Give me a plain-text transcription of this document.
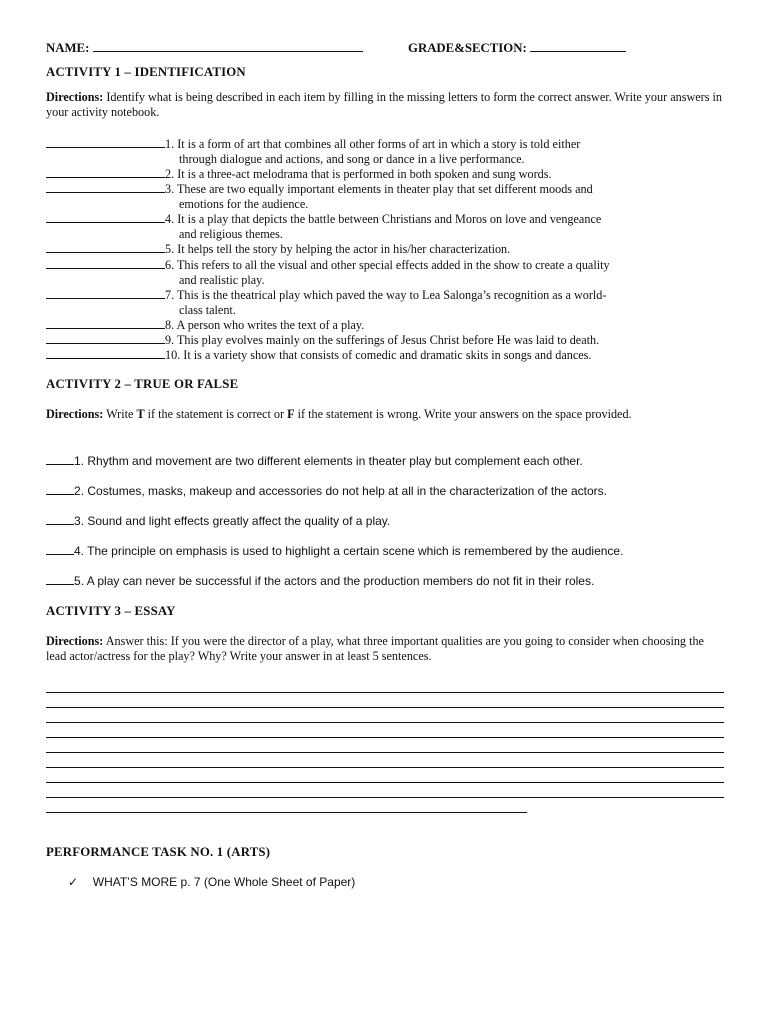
NAME:	GRADE&SECTION:
ACTIVITY 1 – IDENTIFICATION
Directions: Identify what is being described in each item by filling in the missing letters to form the correct answer. Write your answers in your activity notebook.
1. It is a form of art that combines all other forms of art in which a story is told either
through dialogue and actions, and song or dance in a live performance.
2. It is a three-act melodrama that is performed in both spoken and sung words.
3. These are two equally important elements in theater play that set different moods and
emotions for the audience.
4. It is a play that depicts the battle between Christians and Moros on love and vengeance
and religious themes.
5. It helps tell the story by helping the actor in his/her characterization.
6. This refers to all the visual and other special effects added in the show to create a quality
and realistic play.
7. This is the theatrical play which paved the way to Lea Salonga’s recognition as a world-
class talent.
8. A person who writes the text of a play.
9. This play evolves mainly on the sufferings of Jesus Christ before He was laid to death.
10. It is a variety show that consists of comedic and dramatic skits in songs and dances.
ACTIVITY 2 – TRUE OR FALSE
Directions: Write T if the statement is correct or F if the statement is wrong. Write your answers on the space provided.
1. Rhythm and movement are two different elements in theater play but complement each other.
2. Costumes, masks, makeup and accessories do not help at all in the characterization of the actors.
3. Sound and light effects greatly affect the quality of a play.
4. The principle on emphasis is used to highlight a certain scene which is remembered by the audience.
5. A play can never be successful if the actors and the production members do not fit in their roles.
ACTIVITY 3 – ESSAY
Directions: Answer this: If you were the director of a play, what three important qualities are you going to consider when choosing the lead actor/actress for the play? Why? Write your answer in at least 5 sentences.
PERFORMANCE TASK NO. 1 (ARTS)
✓ WHAT’S MORE p. 7 (One Whole Sheet of Paper)
